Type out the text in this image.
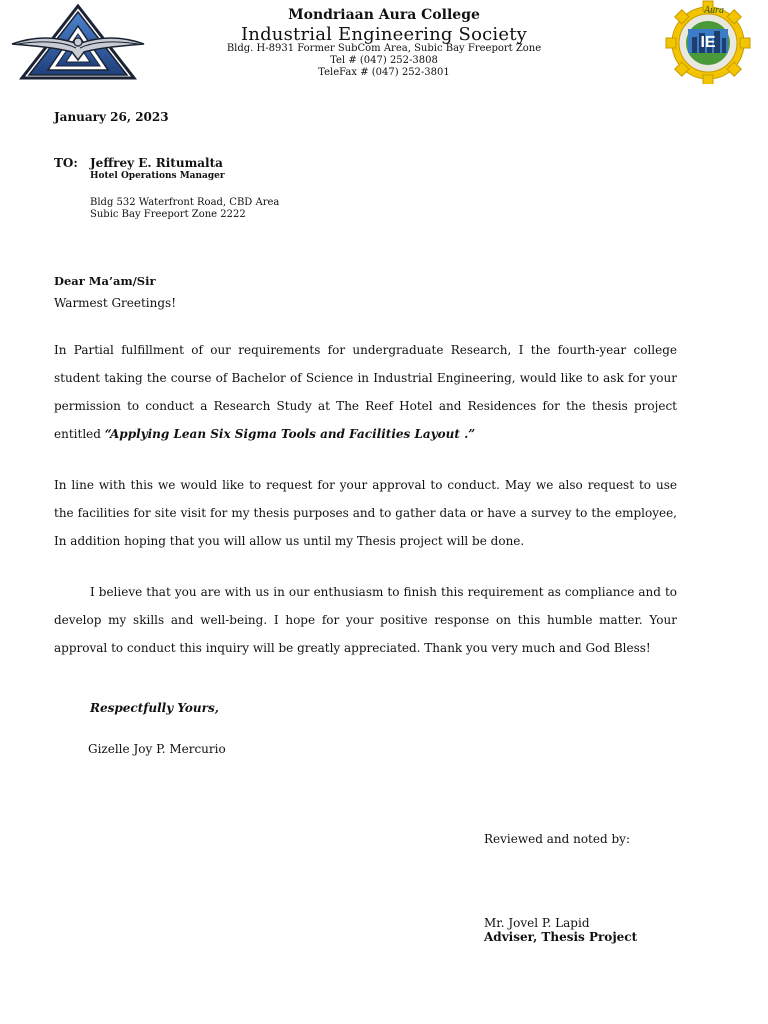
IE
Aura
Mondriaan Aura College
Industrial Engineering Society
Bldg. H-8931 Former SubCom Area, Subic Bay Freeport Zone
Tel # (047) 252-3808
TeleFax # (047) 252-3801
January 26, 2023
TO: Jeffrey E. Ritumalta
Hotel Operations Manager
Bldg 532 Waterfront Road, CBD Area
Subic Bay Freeport Zone 2222
Dear Ma’am/Sir
Warmest Greetings!
In Partial fulfillment of our requirements for undergraduate Research, I the fourth-year college student taking the course of Bachelor of Science in Industrial Engineering, would like to ask for your permission to conduct a Research Study at The Reef Hotel and Residences for the thesis project entitled “Applying Lean Six Sigma Tools and Facilities Layout .”
In line with this we would like to request for your approval to conduct. May we also request to use the facilities for site visit for my thesis purposes and to gather data or have a survey to the employee, In addition hoping that you will allow us until my Thesis project will be done.
I believe that you are with us in our enthusiasm to finish this requirement as compliance and to develop my skills and well-being. I hope for your positive response on this humble matter. Your approval to conduct this inquiry will be greatly appreciated. Thank you very much and God Bless!
Respectfully Yours,
Gizelle Joy P. Mercurio
Reviewed and noted by:
Mr. Jovel P. Lapid
Adviser, Thesis Project
